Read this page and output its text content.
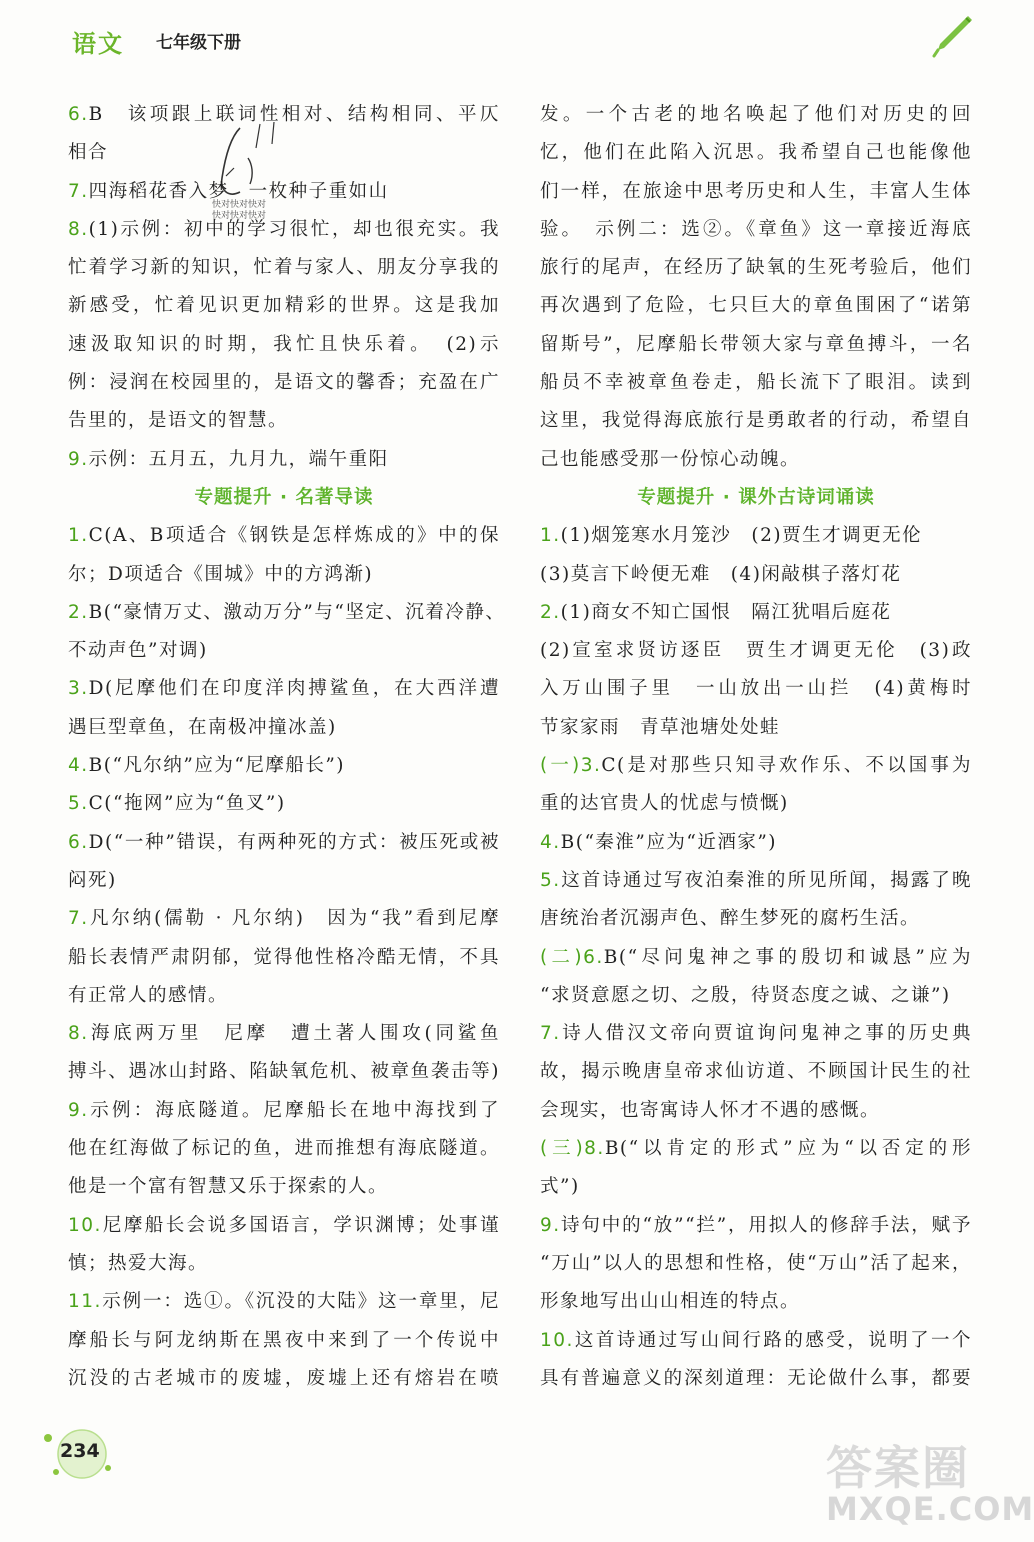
语文 七年级下册
快对快对快对
快对快对快对

6.B　该项跟上联词性相对、结构相同、平仄

相合

7.四海稻花香入梦　一枚种子重如山

8.(1)示例：初中的学习很忙，却也很充实。我

忙着学习新的知识，忙着与家人、朋友分享我的

新感受，忙着见识更加精彩的世界。这是我加

速汲取知识的时期，我忙且快乐着。　(2)示

例：浸润在校园里的，是语文的馨香；充盈在广

告里的，是语文的智慧。

9.示例：五月五，九月九，端午重阳

专题提升 · 名著导读

1.C(A、B项适合《钢铁是怎样炼成的》中的保

尔；D项适合《围城》中的方鸿渐)

2.B(“豪情万丈、激动万分”与“坚定、沉着冷静、

不动声色”对调)

3.D(尼摩他们在印度洋肉搏鲨鱼，在大西洋遭

遇巨型章鱼，在南极冲撞冰盖)

4.B(“凡尔纳”应为“尼摩船长”)

5.C(“拖网”应为“鱼叉”)

6.D(“一种”错误，有两种死的方式：被压死或被

闷死)

7.凡尔纳(儒勒 · 凡尔纳)　因为“我”看到尼摩

船长表情严肃阴郁，觉得他性格冷酷无情，不具

有正常人的感情。

8.海底两万里　尼摩　遭土著人围攻(同鲨鱼

搏斗、遇冰山封路、陷缺氧危机、被章鱼袭击等)

9.示例：海底隧道。尼摩船长在地中海找到了

他在红海做了标记的鱼，进而推想有海底隧道。

他是一个富有智慧又乐于探索的人。

10.尼摩船长会说多国语言，学识渊博；处事谨

慎；热爱大海。

11.示例一：选①。《沉没的大陆》这一章里，尼

摩船长与阿龙纳斯在黑夜中来到了一个传说中

沉没的古老城市的废墟，废墟上还有熔岩在喷

发。一个古老的地名唤起了他们对历史的回

忆，他们在此陷入沉思。我希望自己也能像他

们一样，在旅途中思考历史和人生，丰富人生体

验。　示例二：选②。《章鱼》这一章接近海底

旅行的尾声，在经历了缺氧的生死考验后，他们

再次遇到了危险，七只巨大的章鱼围困了“诺第

留斯号”，尼摩船长带领大家与章鱼搏斗，一名

船员不幸被章鱼卷走，船长流下了眼泪。读到

这里，我觉得海底旅行是勇敢者的行动，希望自

己也能感受那一份惊心动魄。

专题提升 · 课外古诗词诵读

1.(1)烟笼寒水月笼沙　(2)贾生才调更无伦

(3)莫言下岭便无难　(4)闲敲棋子落灯花

2.(1)商女不知亡国恨　隔江犹唱后庭花

(2)宣室求贤访逐臣　贾生才调更无伦　(3)政

入万山围子里　一山放出一山拦　(4)黄梅时

节家家雨　青草池塘处处蛙

(一)3.C(是对那些只知寻欢作乐、不以国事为

重的达官贵人的忧虑与愤慨)

4.B(“秦淮”应为“近酒家”)

5.这首诗通过写夜泊秦淮的所见所闻，揭露了晚

唐统治者沉溺声色、醉生梦死的腐朽生活。

(二)6.B(“尽问鬼神之事的殷切和诚恳”应为

“求贤意愿之切、之殷，待贤态度之诚、之谦”)

7.诗人借汉文帝向贾谊询问鬼神之事的历史典

故，揭示晚唐皇帝求仙访道、不顾国计民生的社

会现实，也寄寓诗人怀才不遇的感慨。

(三)8.B(“以肯定的形式”应为“以否定的形

式”)

9.诗句中的“放”“拦”，用拟人的修辞手法，赋予

“万山”以人的思想和性格，使“万山”活了起来，

形象地写出山山相连的特点。

10.这首诗通过写山间行路的感受，说明了一个

具有普遍意义的深刻道理：无论做什么事，都要

234	答案圈
MXQE.COM
